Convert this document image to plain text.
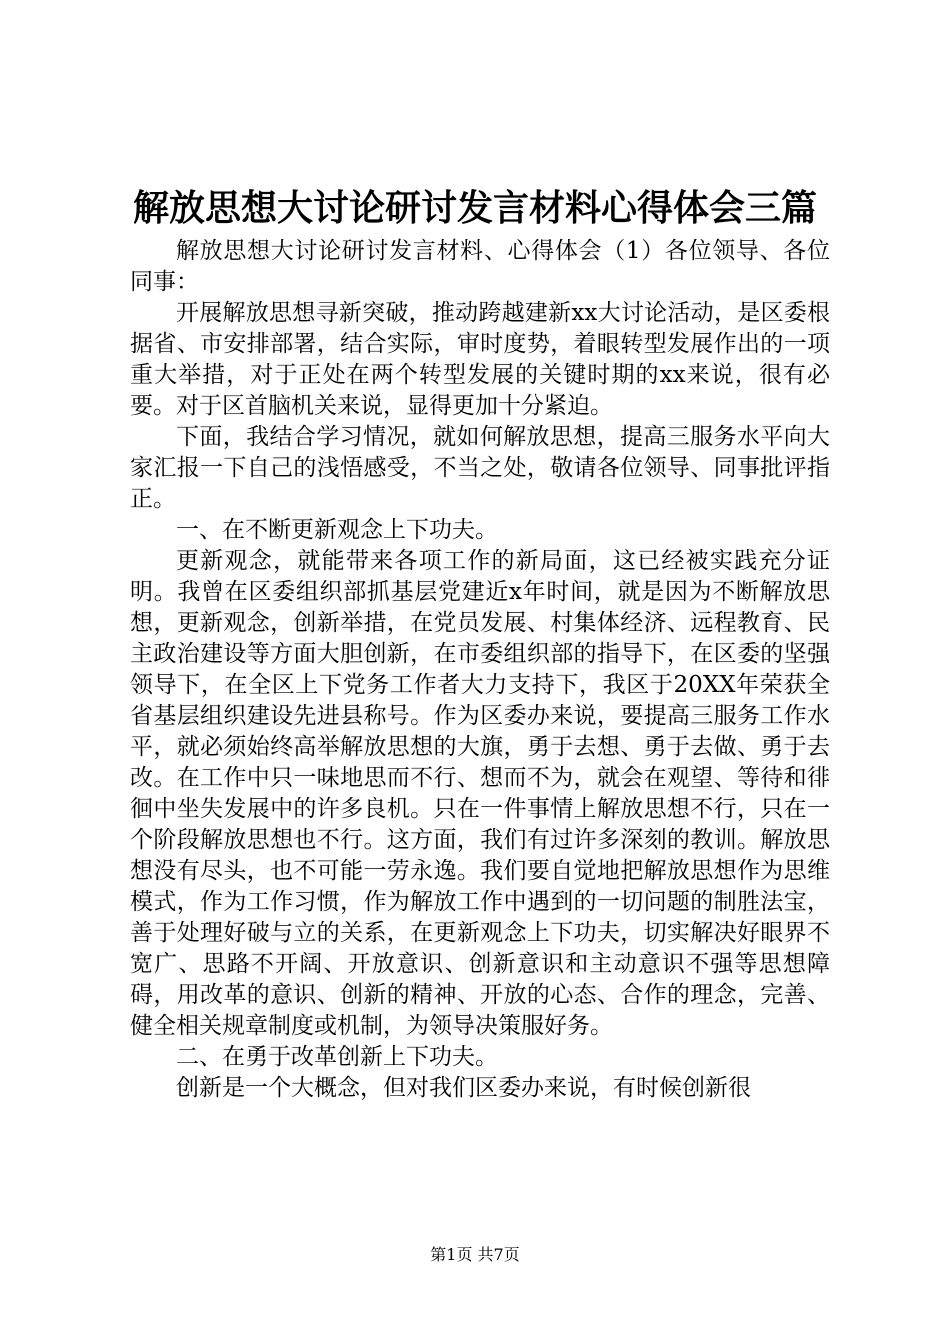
解放思想大讨论研讨发言材料心得体会三篇

解放思想大讨论研讨发言材料、心得体会（1）各位领导、各位同事：

开展解放思想寻新突破，推动跨越建新xx大讨论活动，是区委根据省、市安排部署，结合实际，审时度势，着眼转型发展作出的一项重大举措，对于正处在两个转型发展的关键时期的xx来说，很有必要。对于区首脑机关来说，显得更加十分紧迫。

下面，我结合学习情况，就如何解放思想，提高三服务水平向大家汇报一下自己的浅悟感受，不当之处，敬请各位领导、同事批评指正。

一、在不断更新观念上下功夫。

更新观念，就能带来各项工作的新局面，这已经被实践充分证明。我曾在区委组织部抓基层党建近x年时间，就是因为不断解放思想，更新观念，创新举措，在党员发展、村集体经济、远程教育、民主政治建设等方面大胆创新，在市委组织部的指导下，在区委的坚强领导下，在全区上下党务工作者大力支持下，我区于20XX年荣获全省基层组织建设先进县称号。作为区委办来说，要提高三服务工作水平，就必须始终高举解放思想的大旗，勇于去想、勇于去做、勇于去改。在工作中只一味地思而不行、想而不为，就会在观望、等待和徘徊中坐失发展中的许多良机。只在一件事情上解放思想不行，只在一个阶段解放思想也不行。这方面，我们有过许多深刻的教训。解放思想没有尽头，也不可能一劳永逸。我们要自觉地把解放思想作为思维模式，作为工作习惯，作为解放工作中遇到的一切问题的制胜法宝，善于处理好破与立的关系，在更新观念上下功夫，切实解决好眼界不宽广、思路不开阔、开放意识、创新意识和主动意识不强等思想障碍，用改革的意识、创新的精神、开放的心态、合作的理念，完善、健全相关规章制度或机制，为领导决策服好务。

二、在勇于改革创新上下功夫。

创新是一个大概念，但对我们区委办来说，有时候创新很

第1页 共7页
